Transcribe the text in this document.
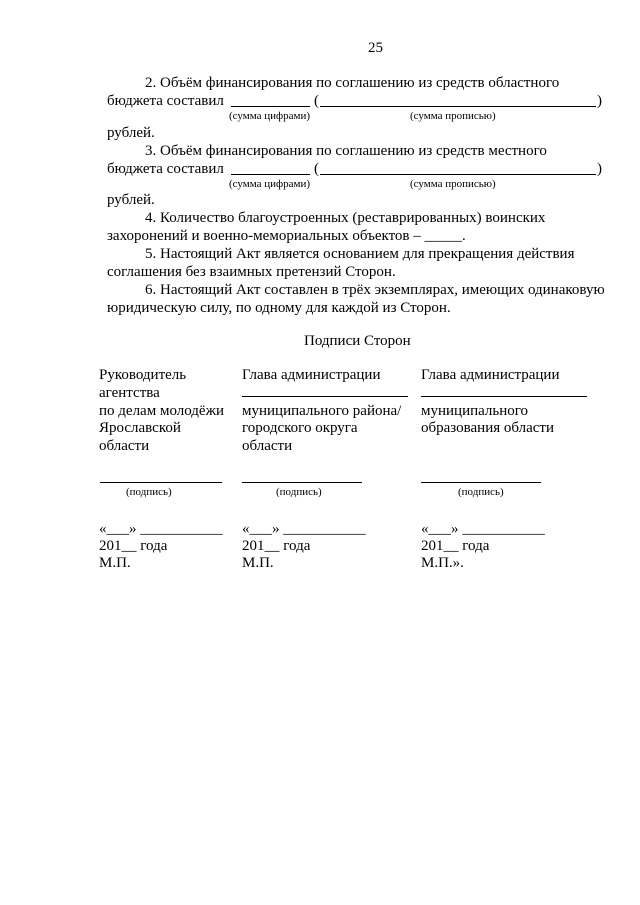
25
2. Объём финансирования по соглашению из средств областного
бюджета составил	(	)
(сумма цифрами)	(сумма прописью)
рублей.
3. Объём финансирования по соглашению из средств местного
бюджета составил	(	)
(сумма цифрами)	(сумма прописью)
рублей.
4. Количество благоустроенных (реставрированных) воинских
захоронений и военно-мемориальных объектов – _____.
5. Настоящий Акт является основанием для прекращения действия
соглашения без взаимных претензий Сторон.
6. Настоящий Акт составлен в трёх экземплярах, имеющих одинаковую
юридическую силу, по одному для каждой из Сторон.
Подписи Сторон
Руководитель
агентства
по делам молодёжи
Ярославской
области
(подпись)
«___» ___________
201__ года
М.П.
Глава администрации
муниципального района/
городского округа
области
(подпись)
«___» ___________
201__ года
М.П.
Глава администрации
муниципального
образования области
(подпись)
«___» ___________
201__ года
М.П.».
